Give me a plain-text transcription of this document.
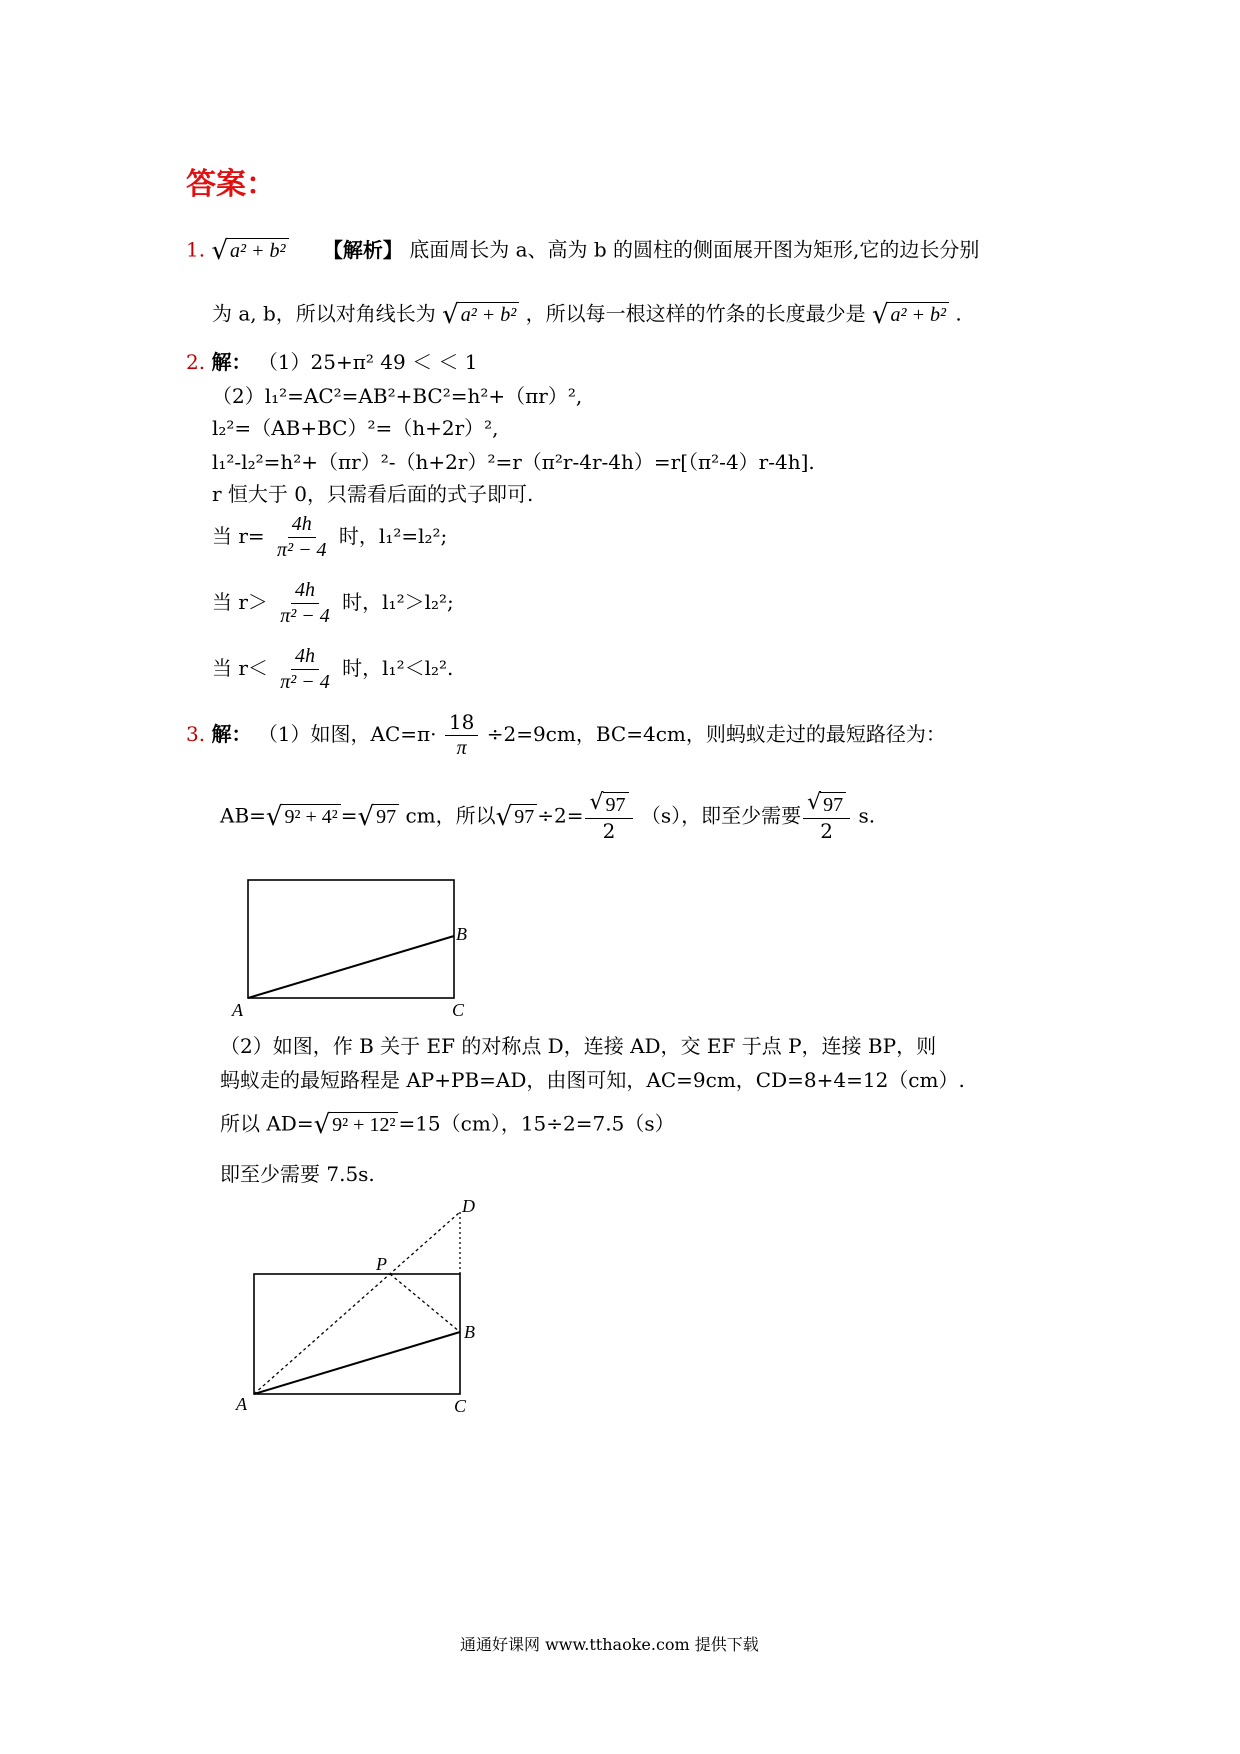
答案：
1. √ a² + b² 【解析】 底面周长为 a、高为 b 的圆柱的侧面展开图为矩形,它的边长分别
为 a, b，所以对角线长为 √ a² + b² ，所以每一根这样的竹条的长度最少是 √ a² + b² .
2. 解： （1）25+π² 49 ＜ ＜ 1
（2）l₁²=AC²=AB²+BC²=h²+（πr）²,
l₂²=（AB+BC）²=（h+2r）²,
l₁²-l₂²=h²+（πr）²-（h+2r）²=r（π²r-4r-4h）=r[（π²-4）r-4h].
r 恒大于 0，只需看后面的式子即可.
当 $r= \frac{4h}{\text{π² − 4}}$ 时，l₁²=l₂²;
当 $r> \frac{4h}{\text{π² − 4}}$ 时，l₁²＞l₂²;
当 $r< \frac{4h}{\text{π² − 4}}$ 时，l₁²＜l₂².
3. 解： （1）如图，$AC=\pi\cdot \frac{18}{\pi} \div 2=9cm$，BC=4cm，则蚂蚁走过的最短路径为：
AB= √ 9² + 4² = √ 97 cm，所以 √ $97 \div 2= \frac{√ 97}{2} (s)$，即至少需要 $\frac{√ 97}{2} s$.
A
B
C
（2）如图，作 B 关于 EF 的对称点 D，连接 AD，交 EF 于点 P，连接 BP，则
蚂蚁走的最短路程是 AP+PB=AD，由图可知，AC=9cm，CD=8+4=12（cm）.
所以 AD= √ 9² + 12² =15（cm），15÷2=7.5（s）
即至少需要 7.5s.
A
B
C
D
P
通通好课网 www.tthaoke.com 提供下载
